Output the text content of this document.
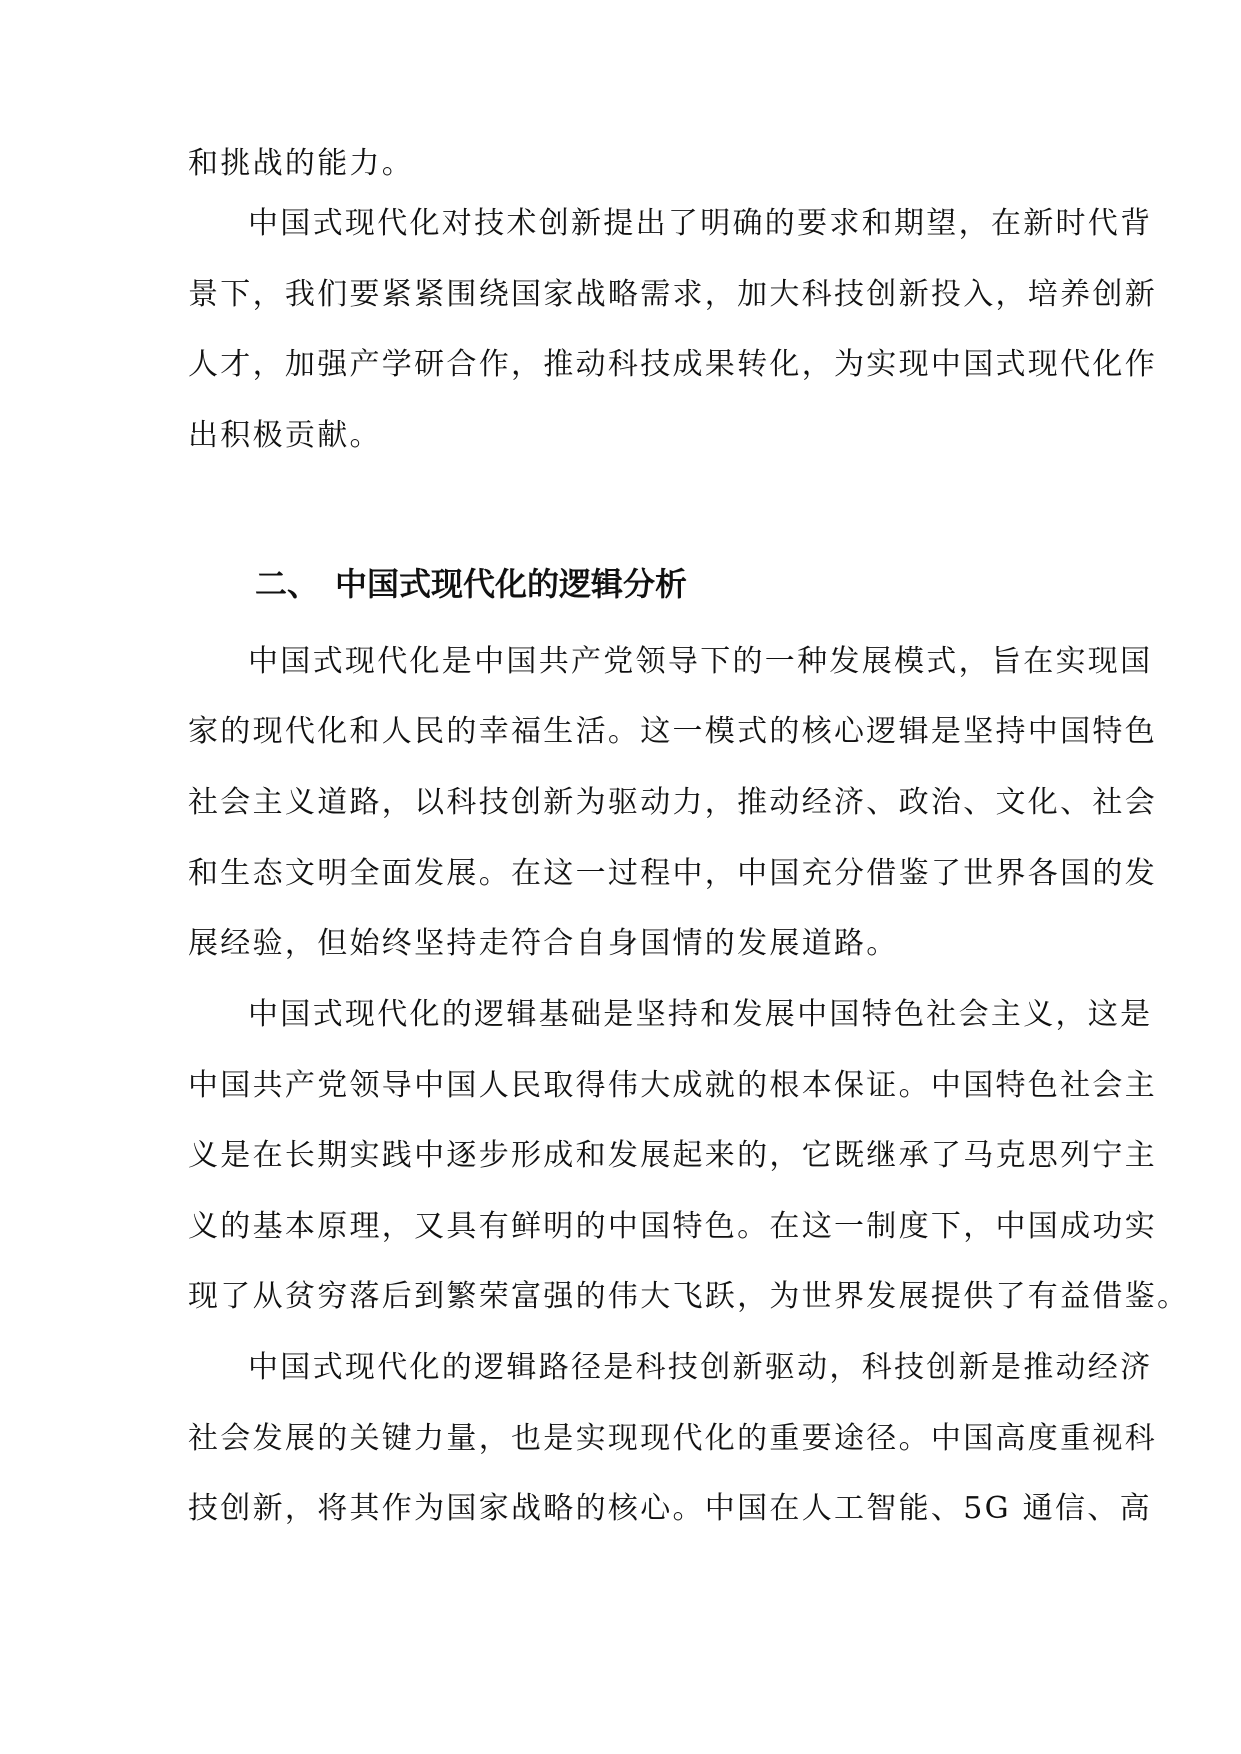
和挑战的能力。
中国式现代化对技术创新提出了明确的要求和期望，在新时代背
景下，我们要紧紧围绕国家战略需求，加大科技创新投入，培养创新
人才，加强产学研合作，推动科技成果转化，为实现中国式现代化作
出积极贡献。
二、 中国式现代化的逻辑分析
中国式现代化是中国共产党领导下的一种发展模式，旨在实现国
家的现代化和人民的幸福生活。这一模式的核心逻辑是坚持中国特色
社会主义道路，以科技创新为驱动力，推动经济、政治、文化、社会
和生态文明全面发展。在这一过程中，中国充分借鉴了世界各国的发
展经验，但始终坚持走符合自身国情的发展道路。
中国式现代化的逻辑基础是坚持和发展中国特色社会主义，这是
中国共产党领导中国人民取得伟大成就的根本保证。中国特色社会主
义是在长期实践中逐步形成和发展起来的，它既继承了马克思列宁主
义的基本原理，又具有鲜明的中国特色。在这一制度下，中国成功实
现了从贫穷落后到繁荣富强的伟大飞跃，为世界发展提供了有益借鉴。
中国式现代化的逻辑路径是科技创新驱动，科技创新是推动经济
社会发展的关键力量，也是实现现代化的重要途径。中国高度重视科
技创新，将其作为国家战略的核心。中国在人工智能、5G 通信、高
